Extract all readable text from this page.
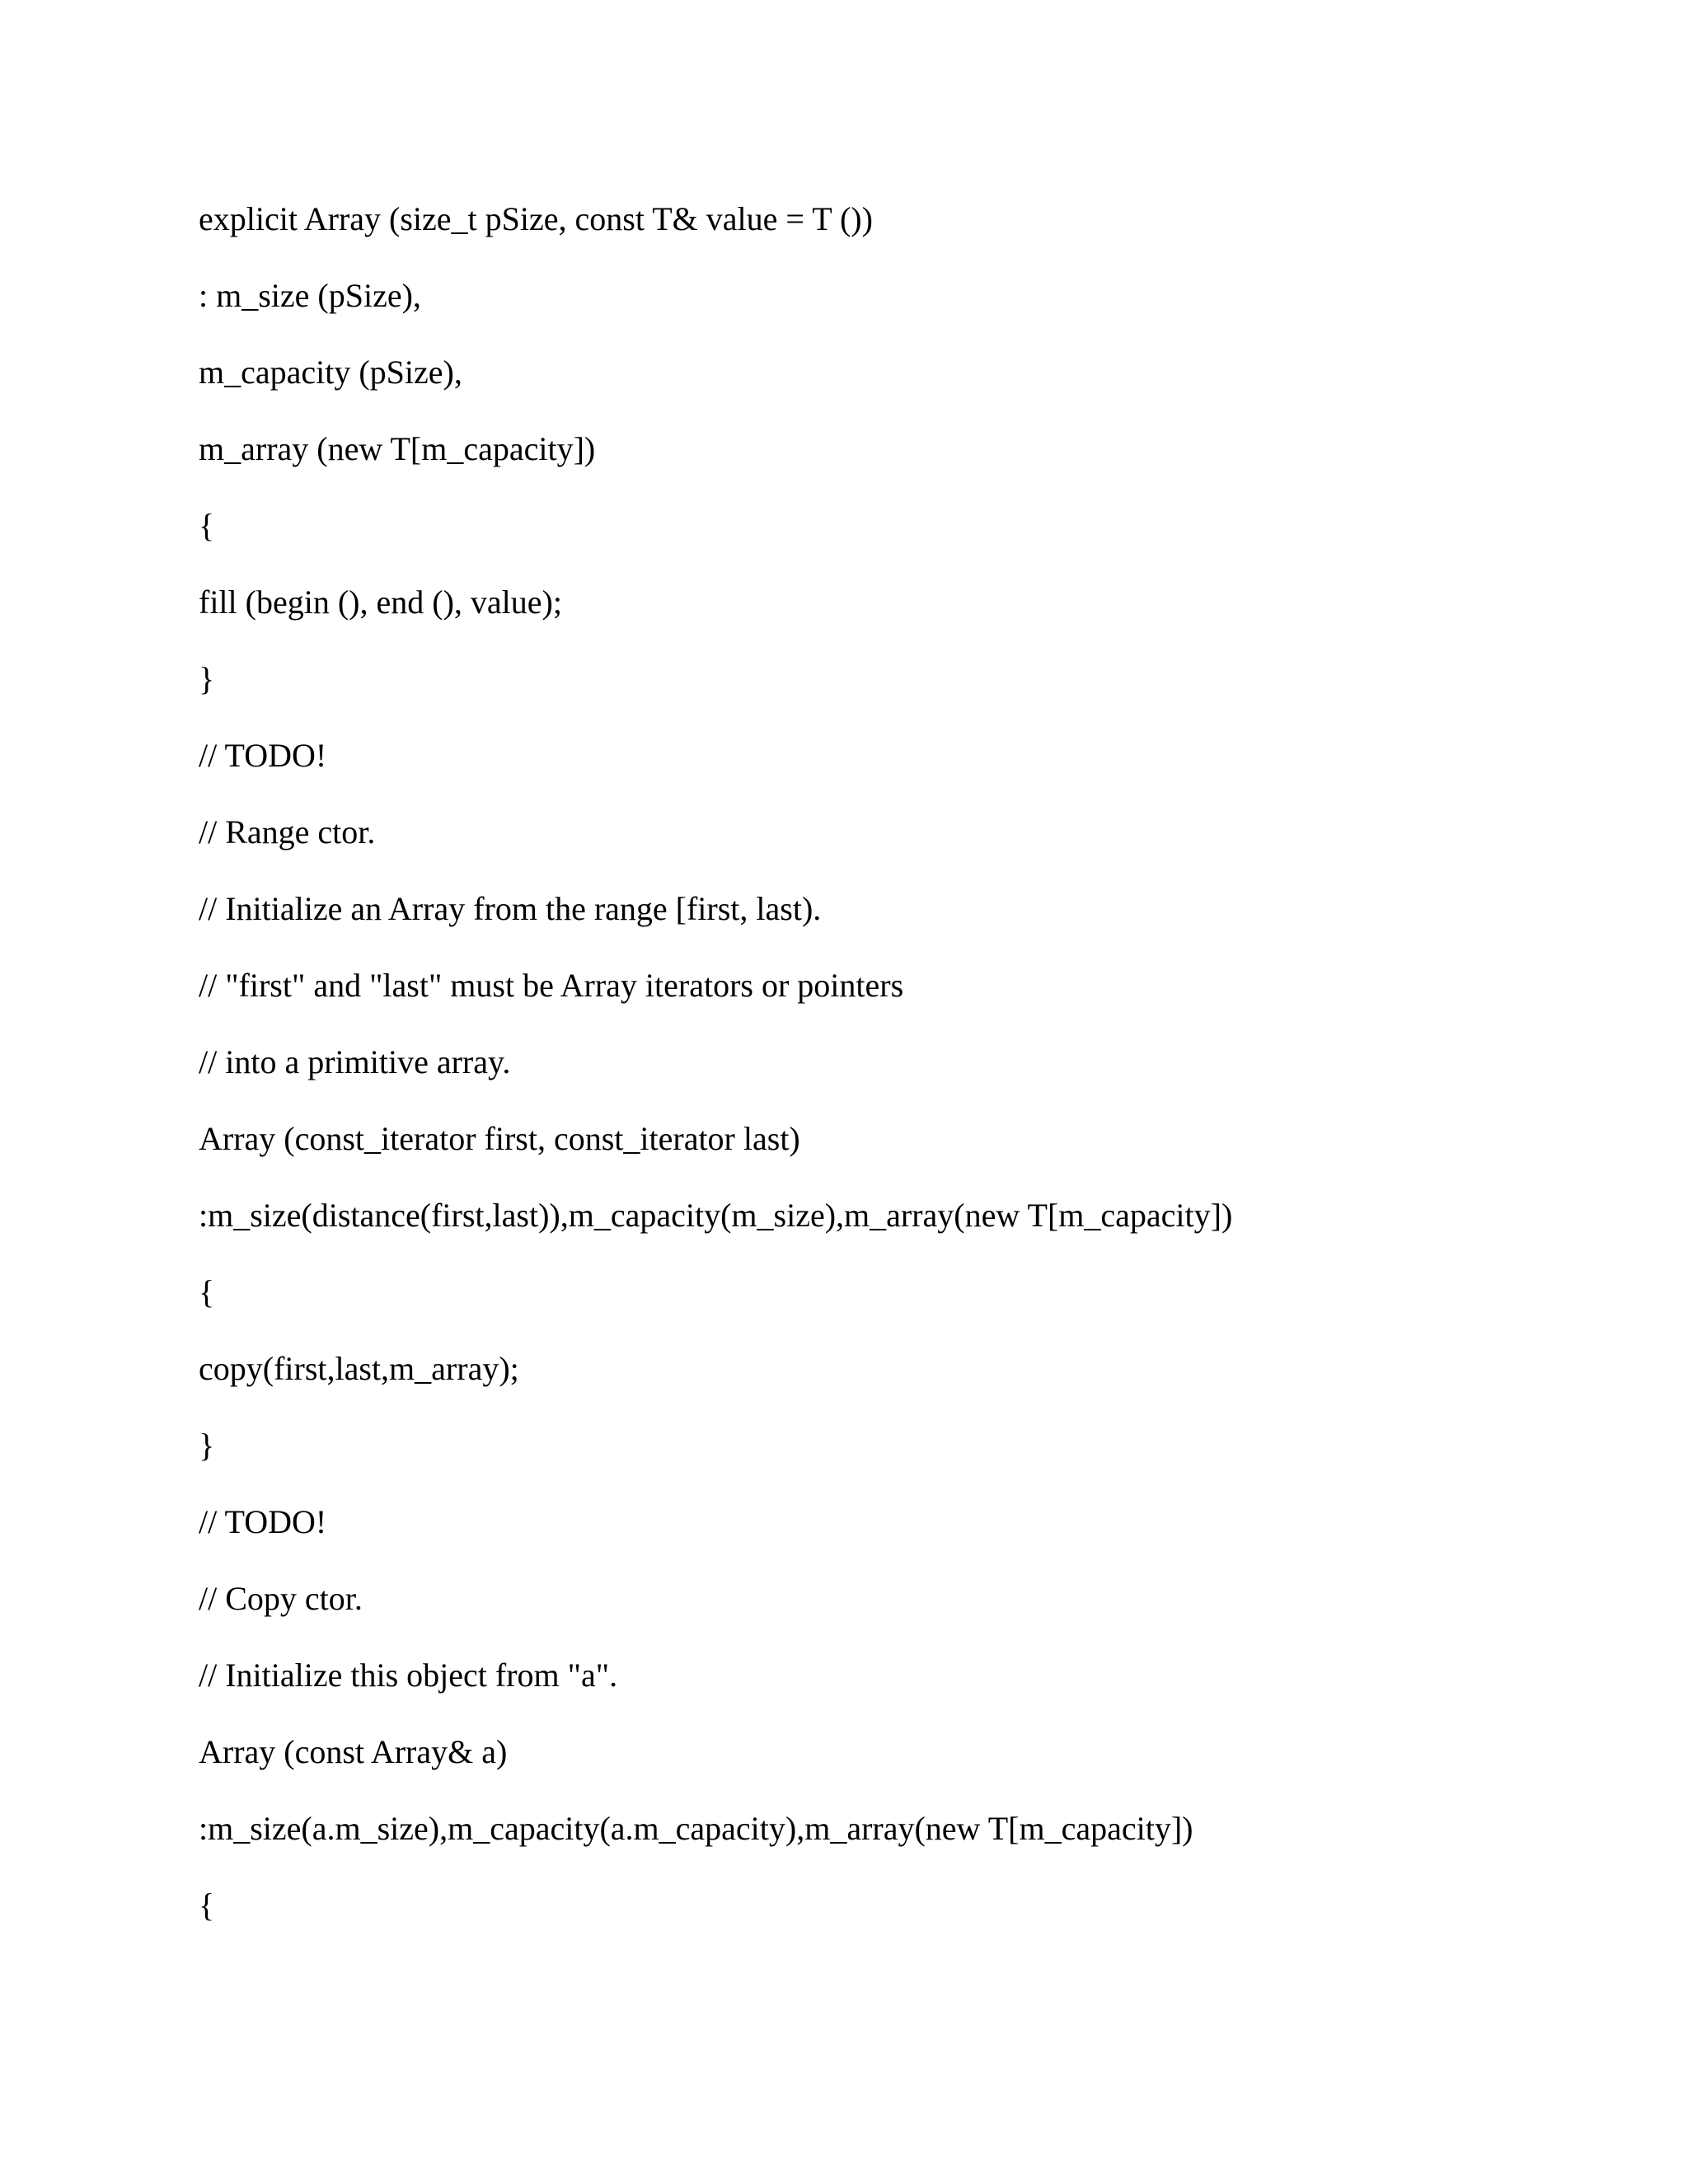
explicit Array (size_t pSize, const T& value = T ())
: m_size (pSize),
m_capacity (pSize),
m_array (new T[m_capacity])
{
fill (begin (), end (), value);
}
// TODO!
// Range ctor.
// Initialize an Array from the range [first, last).
// "first" and "last" must be Array iterators or pointers
// into a primitive array.
Array (const_iterator first, const_iterator last)
:m_size(distance(first,last)),m_capacity(m_size),m_array(new T[m_capacity])
{
copy(first,last,m_array);
}
// TODO!
// Copy ctor.
// Initialize this object from "a".
Array (const Array& a)
:m_size(a.m_size),m_capacity(a.m_capacity),m_array(new T[m_capacity])
{
